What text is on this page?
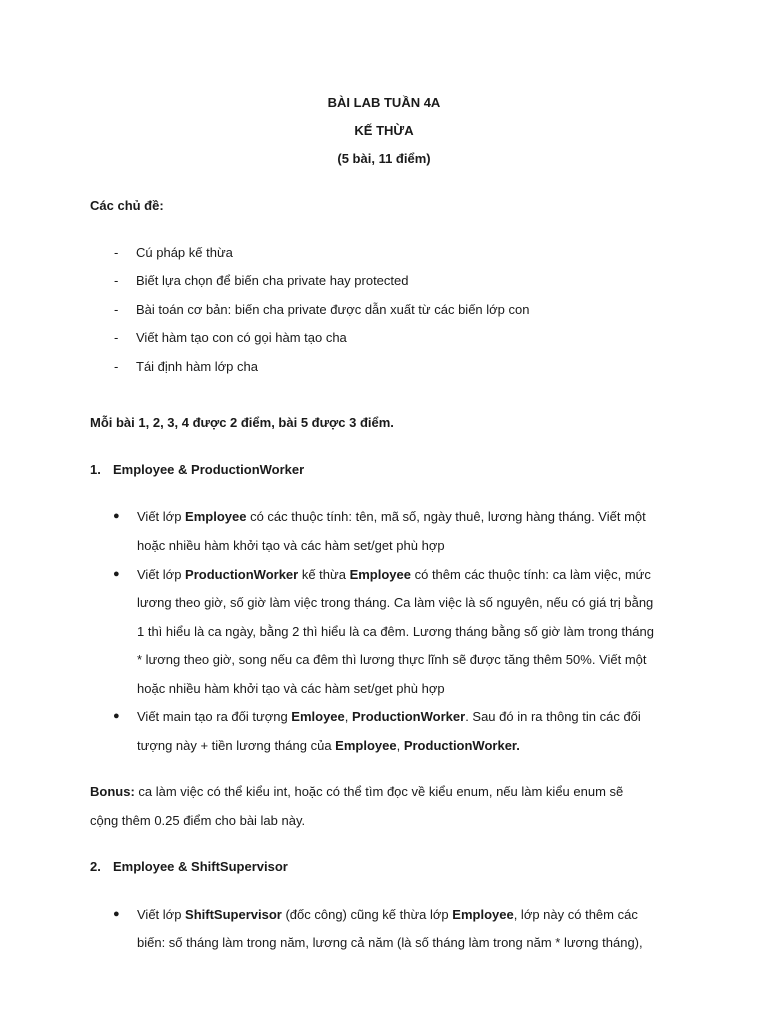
BÀI LAB TUẦN 4A
KẾ THỪA
(5 bài, 11 điểm)
Các chủ đề:
- Cú pháp kế thừa
- Biết lựa chọn để biến cha private hay protected
- Bài toán cơ bản: biến cha private được dẫn xuất từ các biến lớp con
- Viết hàm tạo con có gọi hàm tạo cha
- Tái định hàm lớp cha
Mỗi bài 1, 2, 3, 4 được 2 điểm, bài 5 được 3 điểm.
1. Employee & ProductionWorker
● Viết lớp Employee có các thuộc tính: tên, mã số, ngày thuê, lương hàng tháng. Viết một
hoặc nhiều hàm khởi tạo và các hàm set/get phù hợp
● Viết lớp ProductionWorker kế thừa Employee có thêm các thuộc tính: ca làm việc, mức
lương theo giờ, số giờ làm việc trong tháng. Ca làm việc là số nguyên, nếu có giá trị bằng
1 thì hiểu là ca ngày, bằng 2 thì hiểu là ca đêm. Lương tháng bằng số giờ làm trong tháng
* lương theo giờ, song nếu ca đêm thì lương thực lĩnh sẽ được tăng thêm 50%. Viết một
hoặc nhiều hàm khởi tạo và các hàm set/get phù hợp
● Viết main tạo ra đối tượng Emloyee, ProductionWorker. Sau đó in ra thông tin các đối
tượng này + tiền lương tháng của Employee, ProductionWorker.
Bonus: ca làm việc có thể kiểu int, hoặc có thể tìm đọc về kiểu enum, nếu làm kiểu enum sẽ
cộng thêm 0.25 điểm cho bài lab này.
2. Employee & ShiftSupervisor
● Viết lớp ShiftSupervisor (đốc công) cũng kế thừa lớp Employee, lớp này có thêm các
biến: số tháng làm trong năm, lương cả năm (là số tháng làm trong năm * lương tháng),
